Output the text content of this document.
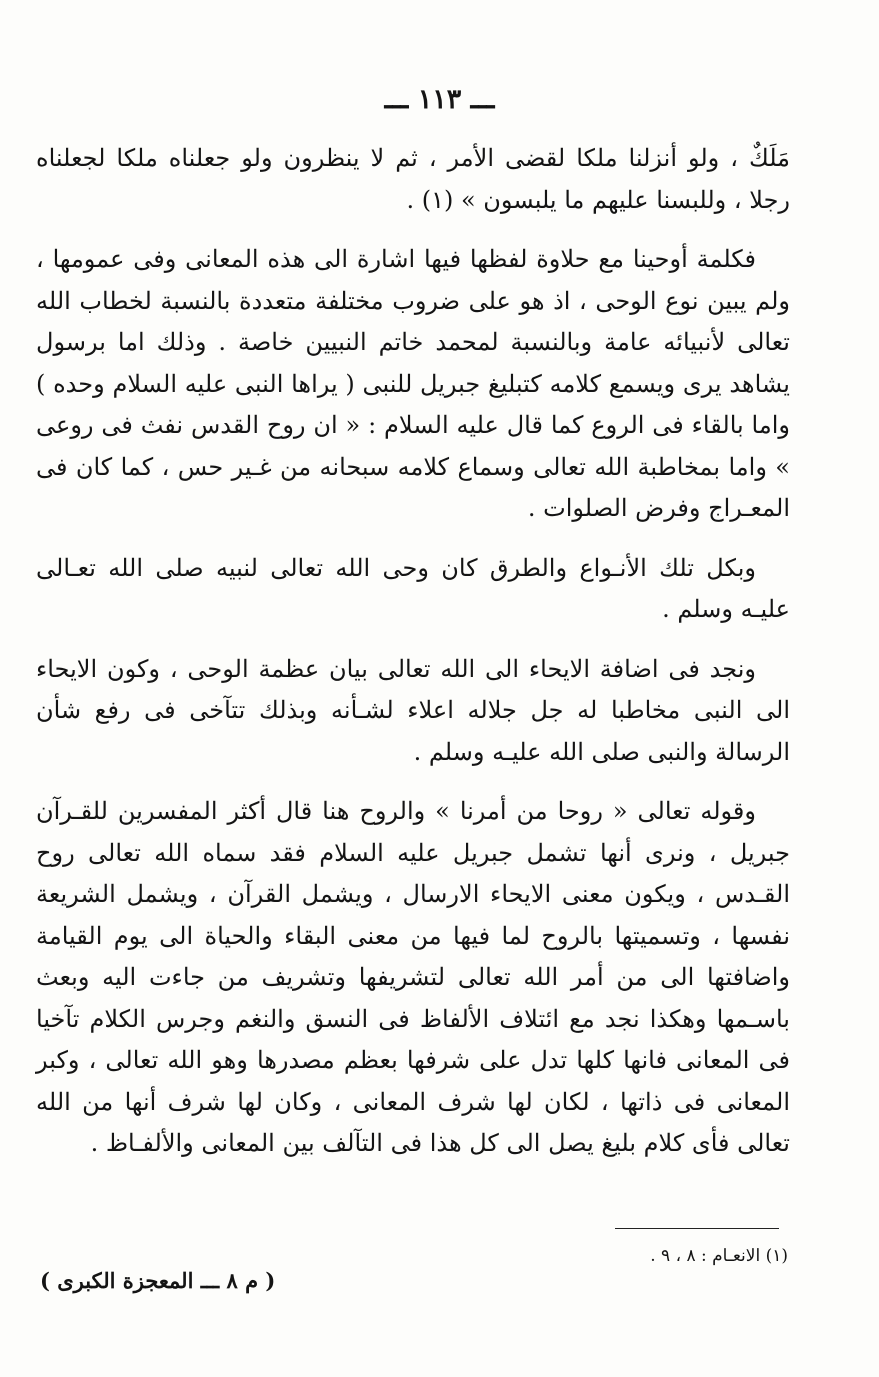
ـــ ١١٣ ـــ

مَلَكٌ ، ولو أنزلنا ملكا لقضى الأمر ، ثم لا ينظرون ولو جعلناه ملكا لجعلناه رجلا ، وللبسنا عليهم ما يلبسون » (١) .

فكلمة أوحينا مع حلاوة لفظها فيها اشارة الى هذه المعانى وفى عمومها ، ولم يبين نوع الوحى ، اذ هو على ضروب مختلفة متعددة بالنسبة لخطاب الله تعالى لأنبيائه عامة وبالنسبة لمحمد خاتم النبيين خاصة . وذلك اما برسول يشاهد يرى ويسمع كلامه كتبليغ جبريل للنبى ( يراها النبى عليه السلام وحده ) واما بالقاء فى الروع كما قال عليه السلام : « ان روح القدس نفث فى روعى » واما بمخاطبة الله تعالى وسماع كلامه سبحانه من غـير حس ، كما كان فى المعـراج وفرض الصلوات .

وبكل تلك الأنـواع والطرق كان وحى الله تعالى لنبيه صلى الله تعـالى عليـه وسلم .

ونجد فى اضافة الايحاء الى الله تعالى بيان عظمة الوحى ، وكون الايحاء الى النبى مخاطبا له جل جلاله اعلاء لشـأنه وبذلك تتآخى فى رفع شأن الرسالة والنبى صلى الله عليـه وسلم .

وقوله تعالى « روحا من أمرنا » والروح هنا قال أكثر المفسرين للقـرآن جبريل ، ونرى أنها تشمل جبريل عليه السلام فقد سماه الله تعالى روح القـدس ، ويكون معنى الايحاء الارسال ، ويشمل القرآن ، ويشمل الشريعة نفسها ، وتسميتها بالروح لما فيها من معنى البقاء والحياة الى يوم القيامة واضافتها الى من أمر الله تعالى لتشريفها وتشريف من جاءت اليه وبعث باسـمها وهكذا نجد مع ائتلاف الألفاظ فى النسق والنغم وجرس الكلام تآخيا فى المعانى فانها كلها تدل على شرفها بعظم مصدرها وهو الله تعالى ، وكبر المعانى فى ذاتها ، لكان لها شرف المعانى ، وكان لها شرف أنها من الله تعالى فأى كلام بليغ يصل الى كل هذا فى التآلف بين المعانى والألفـاظ .

(١) الانعـام : ٨ ، ٩ .
( م ٨ ـــ المعجزة الكبرى )
